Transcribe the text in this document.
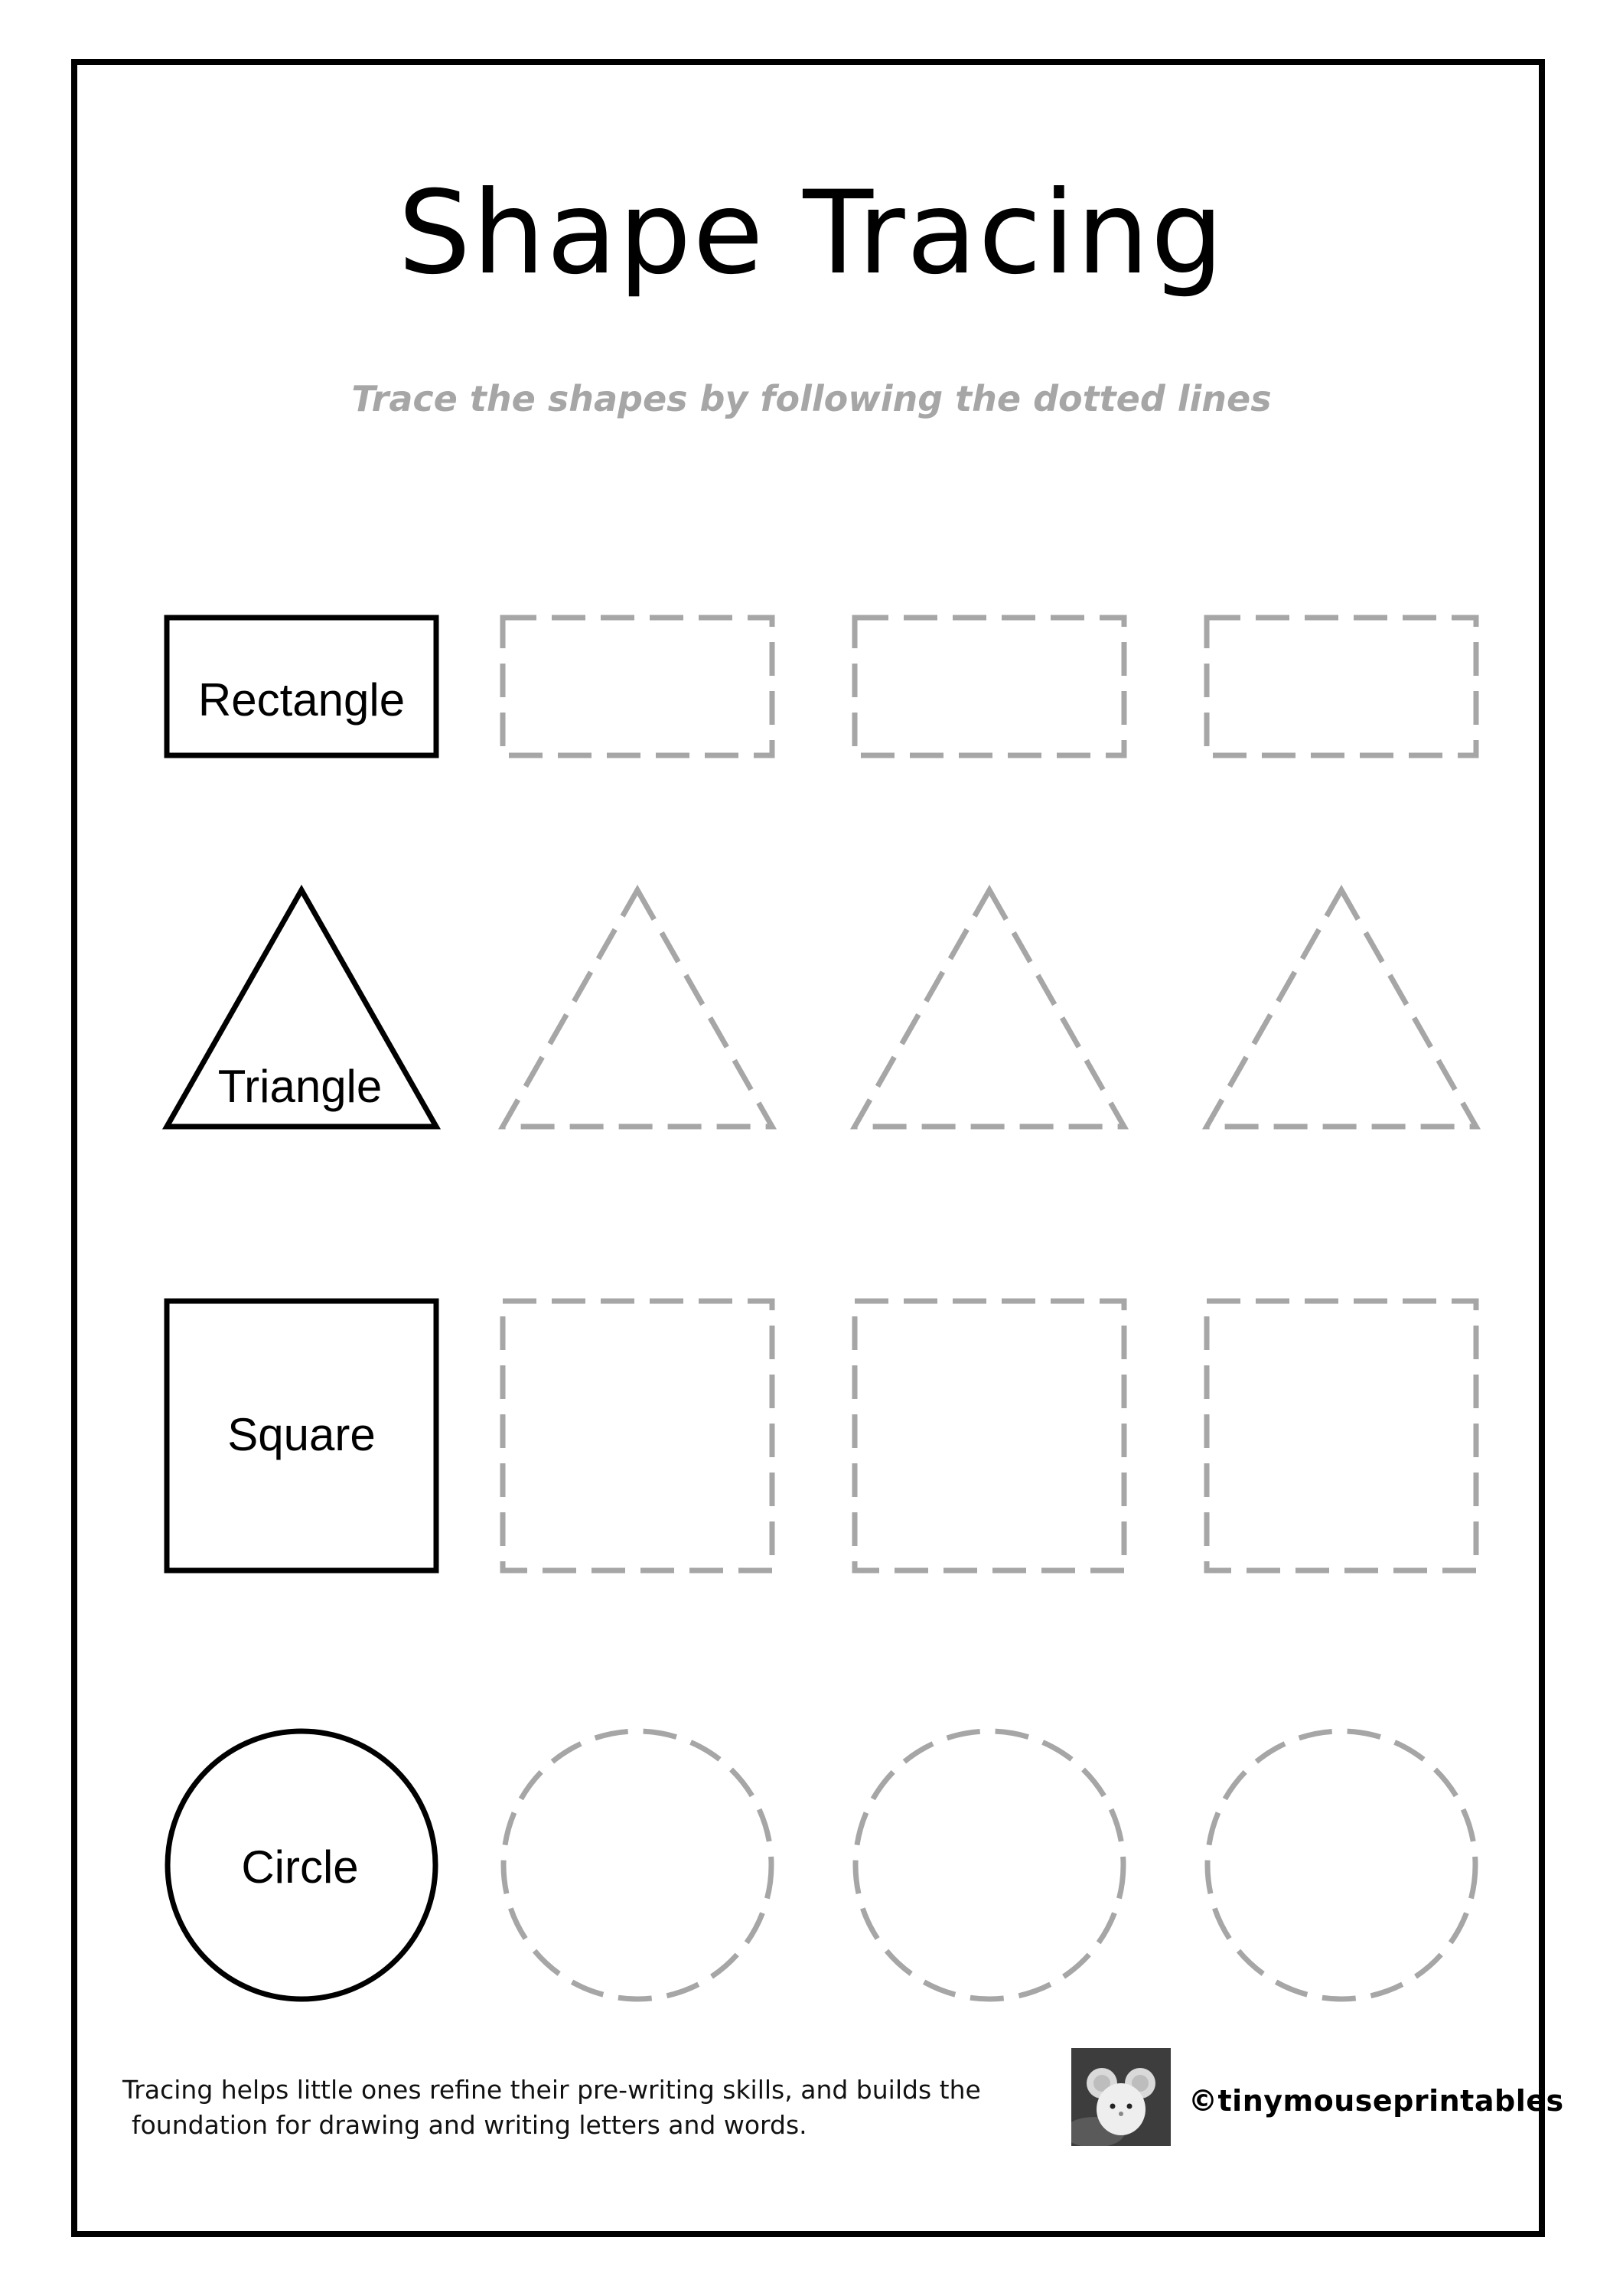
Shape Tracing
Trace the shapes by following the dotted lines
Rectangle
Triangle
Square
Circle
Tracing helps little ones refine their pre-writing skills, and builds the
foundation for drawing and writing letters and words.
©tinymouseprintables
